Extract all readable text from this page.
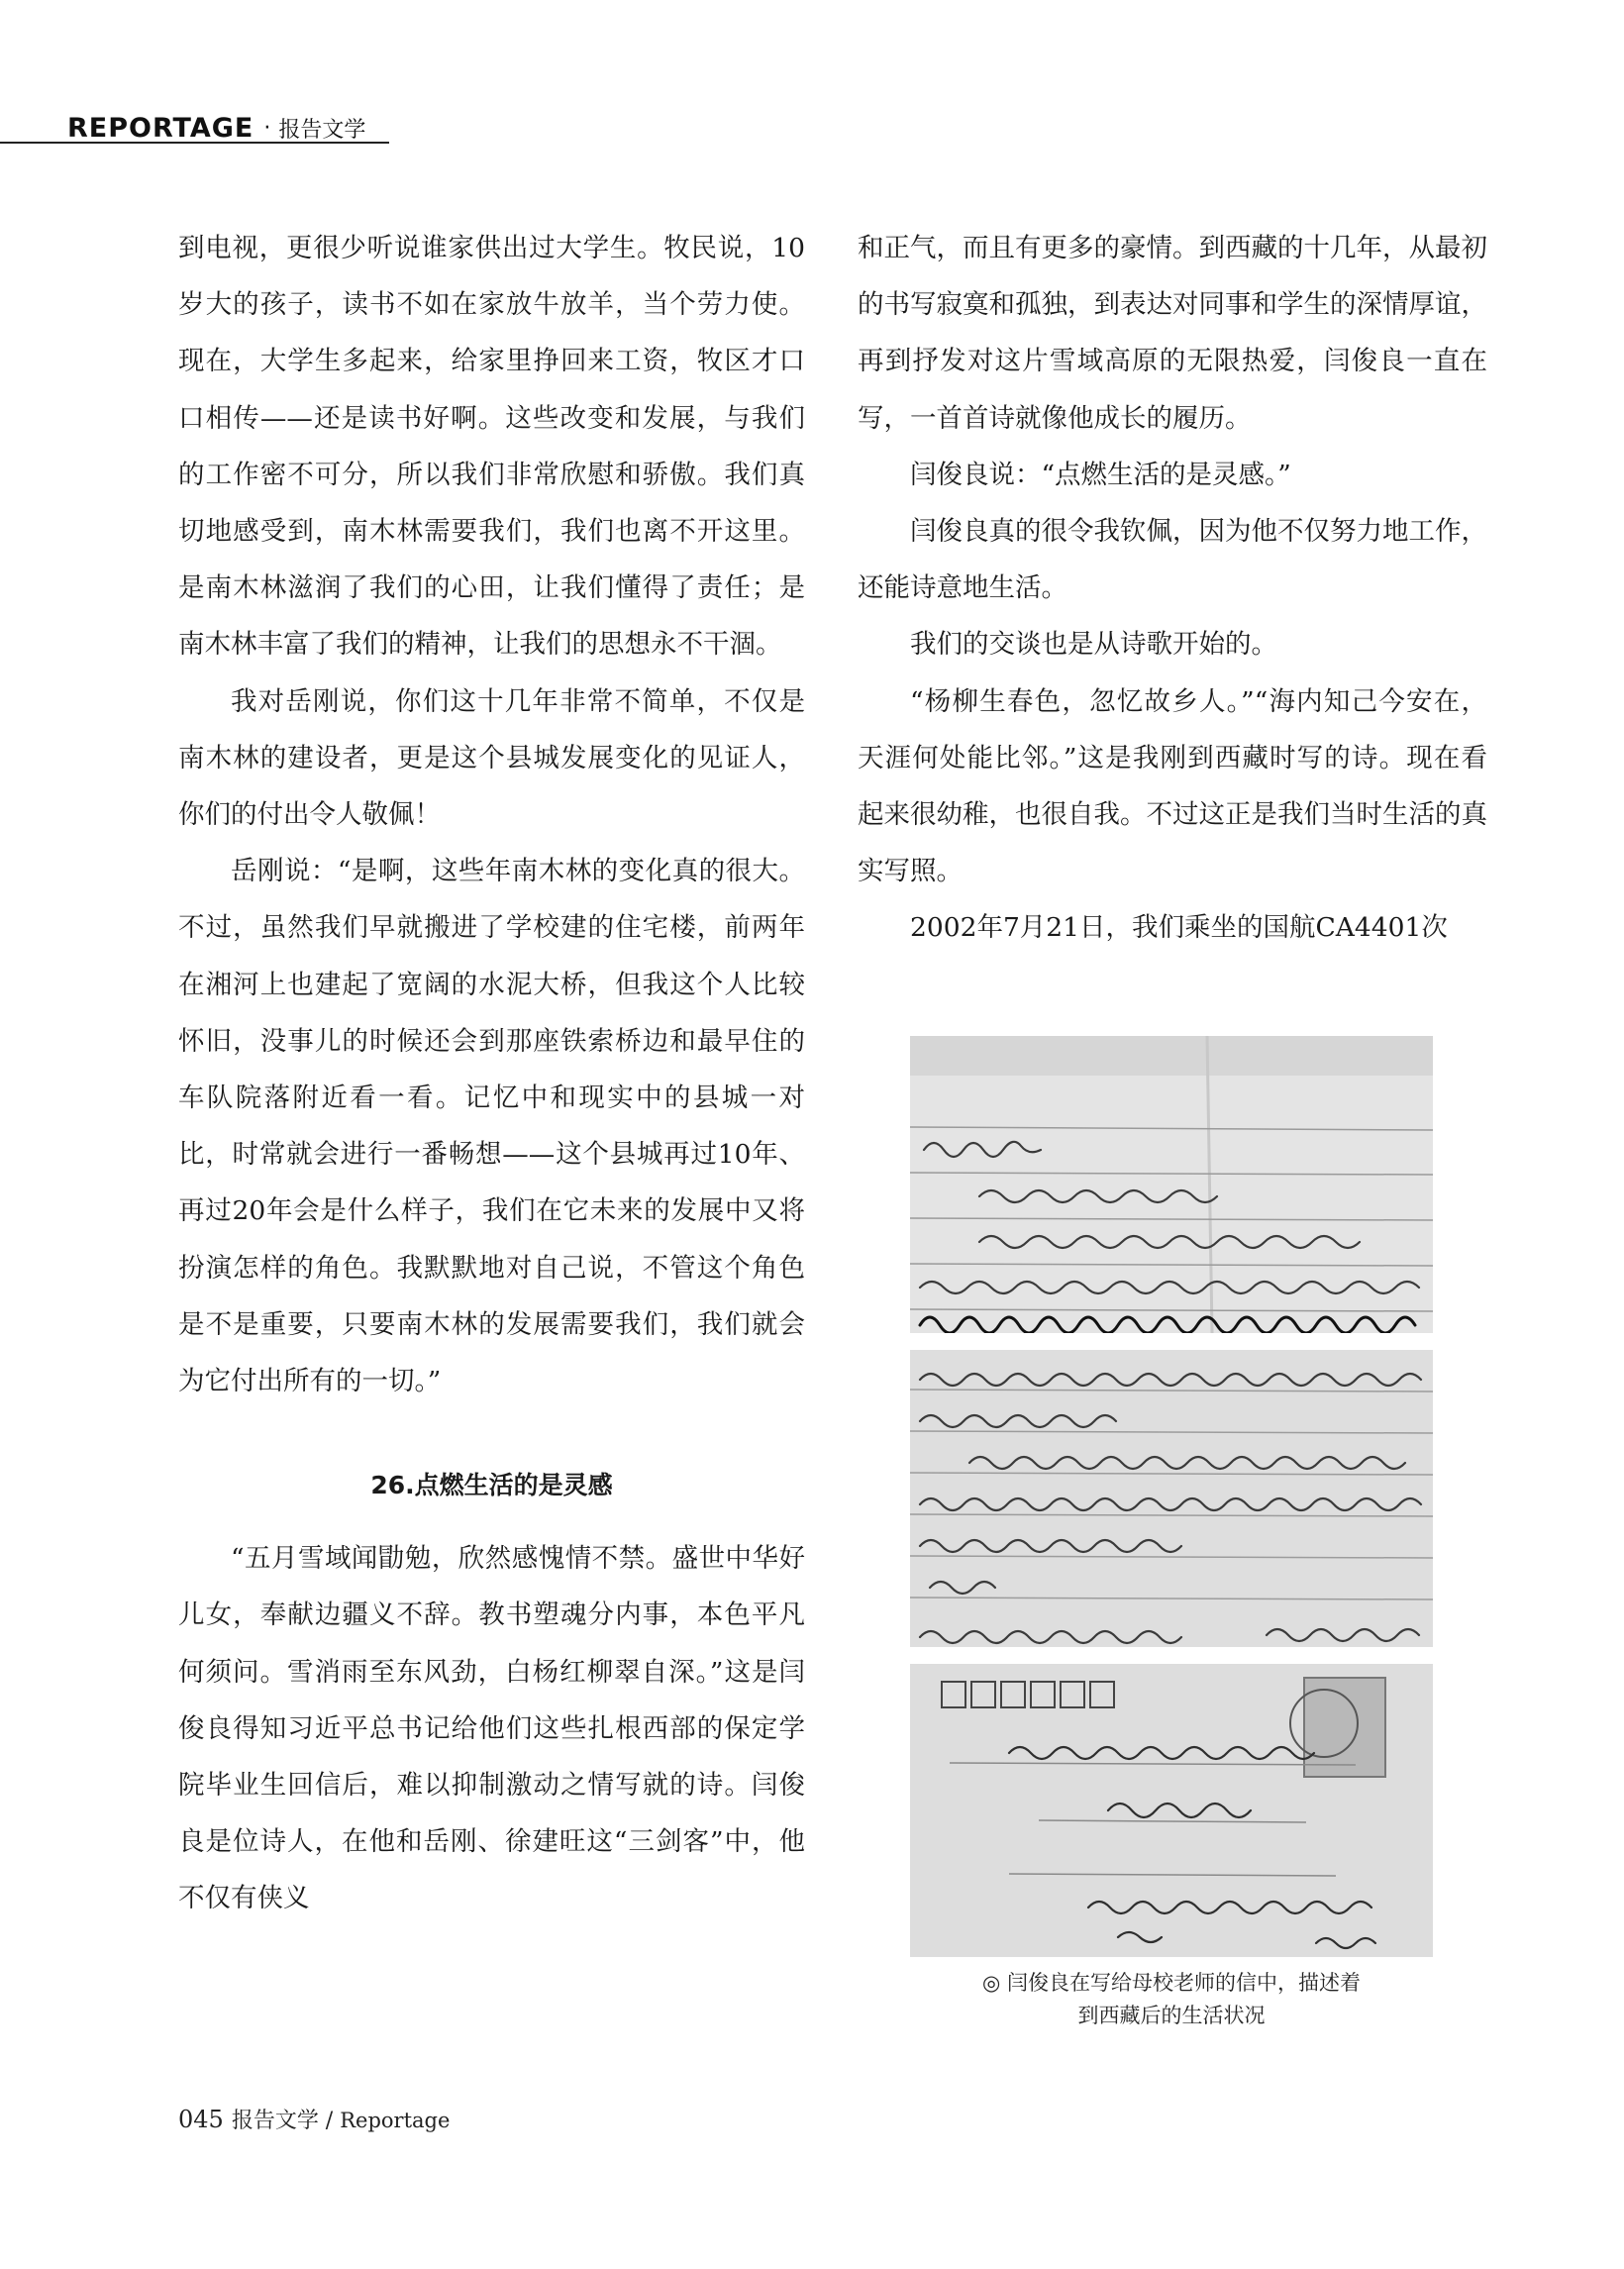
REPORTAGE · 报告文学

到电视，更很少听说谁家供出过大学生。牧民说，10岁大的孩子，读书不如在家放牛放羊，当个劳力使。现在，大学生多起来，给家里挣回来工资，牧区才口口相传——还是读书好啊。这些改变和发展，与我们的工作密不可分，所以我们非常欣慰和骄傲。我们真切地感受到，南木林需要我们，我们也离不开这里。是南木林滋润了我们的心田，让我们懂得了责任；是南木林丰富了我们的精神，让我们的思想永不干涸。

我对岳刚说，你们这十几年非常不简单，不仅是南木林的建设者，更是这个县城发展变化的见证人，你们的付出令人敬佩！

岳刚说：“是啊，这些年南木林的变化真的很大。不过，虽然我们早就搬进了学校建的住宅楼，前两年在湘河上也建起了宽阔的水泥大桥，但我这个人比较怀旧，没事儿的时候还会到那座铁索桥边和最早住的车队院落附近看一看。记忆中和现实中的县城一对比，时常就会进行一番畅想——这个县城再过10年、再过20年会是什么样子，我们在它未来的发展中又将扮演怎样的角色。我默默地对自己说，不管这个角色是不是重要，只要南木林的发展需要我们，我们就会为它付出所有的一切。”

26.点燃生活的是灵感

“五月雪域闻勖勉，欣然感愧情不禁。盛世中华好儿女，奉献边疆义不辞。教书塑魂分内事，本色平凡何须问。雪消雨至东风劲，白杨红柳翠自深。”这是闫俊良得知习近平总书记给他们这些扎根西部的保定学院毕业生回信后，难以抑制激动之情写就的诗。闫俊良是位诗人，在他和岳刚、徐建旺这“三剑客”中，他不仅有侠义

和正气，而且有更多的豪情。到西藏的十几年，从最初的书写寂寞和孤独，到表达对同事和学生的深情厚谊，再到抒发对这片雪域高原的无限热爱，闫俊良一直在写，一首首诗就像他成长的履历。

闫俊良说：“点燃生活的是灵感。”

闫俊良真的很令我钦佩，因为他不仅努力地工作，还能诗意地生活。

我们的交谈也是从诗歌开始的。

“杨柳生春色，忽忆故乡人。”“海内知己今安在，天涯何处能比邻。”这是我刚到西藏时写的诗。现在看起来很幼稚，也很自我。不过这正是我们当时生活的真实写照。

2002年7月21日，我们乘坐的国航CA4401次

◎ 闫俊良在写给母校老师的信中，描述着
到西藏后的生活状况
045 报告文学 / Reportage
